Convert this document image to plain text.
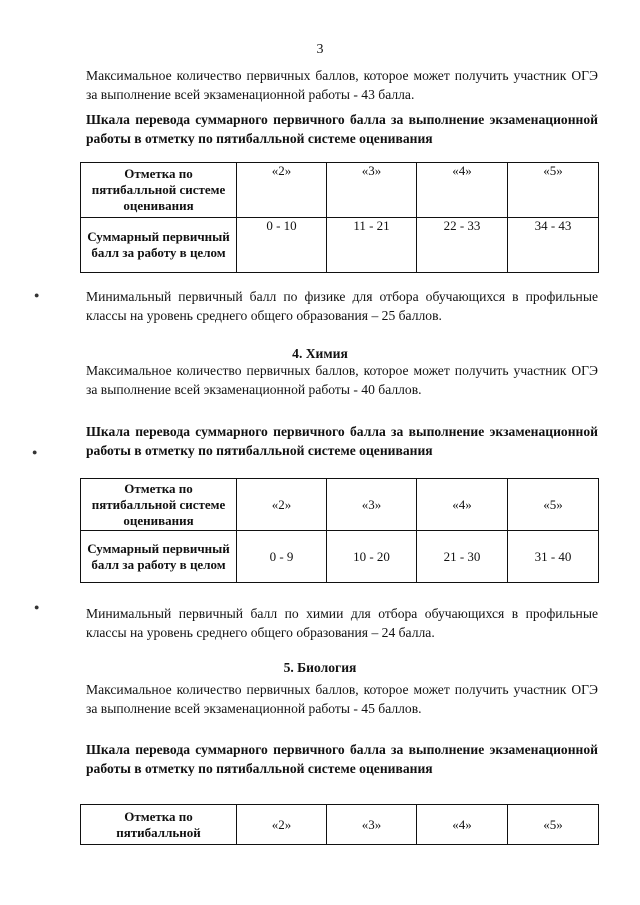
3
Максимальное количество первичных баллов, которое может получить участник ОГЭ за выполнение всей экзаменационной работы - 43 балла.
Шкала перевода суммарного первичного балла за выполнение экзаменационной работы в отметку по пятибалльной системе оценивания
Отметка по пятибалльной системе оценивания	«2»	«3»	«4»	«5»
Суммарный первичный балл за работу в целом	0 - 10	11 - 21	22 - 33	34 - 43
●	Минимальный первичный балл по физике для отбора обучающихся в профильные классы на уровень среднего общего образования – 25 баллов.
4. Химия
Максимальное количество первичных баллов, которое может получить участник ОГЭ за выполнение всей экзаменационной работы - 40 баллов.
Шкала перевода суммарного первичного балла за выполнение экзаменационной работы в отметку по пятибалльной системе оценивания
●
Отметка по пятибалльной системе оценивания	«2»	«3»	«4»	«5»
Суммарный первичный балл за работу в целом	0 - 9	10 - 20	21 - 30	31 - 40
●	Минимальный первичный балл по химии для отбора обучающихся в профильные классы на уровень среднего общего образования – 24 балла.
5. Биология
Максимальное количество первичных баллов, которое может получить участник ОГЭ за выполнение всей экзаменационной работы - 45 баллов.
Шкала перевода суммарного первичного балла за выполнение экзаменационной работы в отметку по пятибалльной системе оценивания
Отметка по пятибалльной	«2»	«3»	«4»	«5»
